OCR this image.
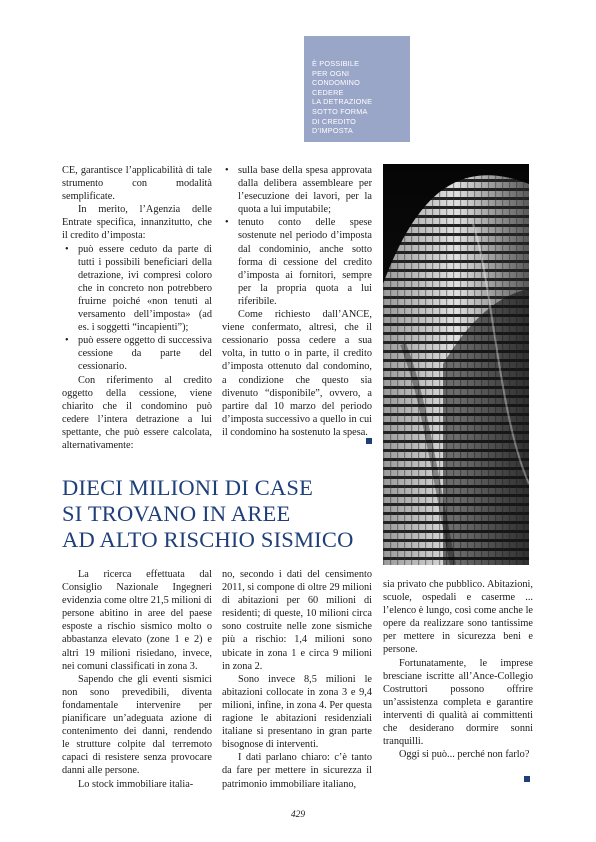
È POSSIBILE
PER OGNI
CONDOMINO
CEDERE
LA DETRAZIONE
SOTTO FORMA
DI CREDITO
D’IMPOSTA

CE, garantisce l’applicabilità di tale strumento con modalità semplificate.

In merito, l’Agenzia delle Entrate specifica, innanzitutto, che il credito d’imposta:

• può essere ceduto da parte di tutti i possibili beneficiari della detrazione, ivi compresi coloro che in concreto non potrebbero fruirne poiché «non tenuti al versamento dell’imposta» (ad es. i soggetti “incapienti”);
• può essere oggetto di successiva cessione da parte del cessionario.

Con riferimento al credito oggetto della cessione, viene chiarito che il condomino può cedere l’intera detrazione a lui spettante, che può essere calcolata, alternativamente:

• sulla base della spesa approvata dalla delibera assembleare per l’esecuzione dei lavori, per la quota a lui imputabile;
• tenuto conto delle spese sostenute nel periodo d’imposta dal condominio, anche sotto forma di cessione del credito d’imposta ai fornitori, sempre per la propria quota a lui riferibile.

Come richiesto dall’ANCE, viene confermato, altresì, che il cessionario possa cedere a sua volta, in tutto o in parte, il credito d’imposta ottenuto dal condomino, a condizione che questo sia divenuto “disponibile”, ovvero, a partire dal 10 marzo del periodo d’imposta successivo a quello in cui il condomino ha sostenuto la spesa.

DIECI MILIONI DI CASE
SI TROVANO IN AREE
AD ALTO RISCHIO SISMICO

La ricerca effettuata dal Consiglio Nazionale Ingegneri evidenzia come oltre 21,5 milioni di persone abitino in aree del paese esposte a rischio sismico molto o abbastanza elevato (zone 1 e 2) e altri 19 milioni risiedano, invece, nei comuni classificati in zona 3.

Sapendo che gli eventi sismici non sono prevedibili, diventa fondamentale intervenire per pianificare un’adeguata azione di contenimento dei danni, rendendo le strutture colpite dal terremoto capaci di resistere senza provocare danni alle persone.

Lo stock immobiliare italia-

no, secondo i dati del censimento 2011, si compone di oltre 29 milioni di abitazioni per 60 milioni di residenti; di queste, 10 milioni circa sono costruite nelle zone sismiche più a rischio: 1,4 milioni sono ubicate in zona 1 e circa 9 milioni in zona 2.

Sono invece 8,5 milioni le abitazioni collocate in zona 3 e 9,4 milioni, infine, in zona 4. Per questa ragione le abitazioni residenziali italiane si presentano in gran parte bisognose di interventi.

I dati parlano chiaro: c’è tanto da fare per mettere in sicurezza il patrimonio immobiliare italiano,

sia privato che pubblico. Abitazioni, scuole, ospedali e caserme ... l’elenco è lungo, così come anche le opere da realizzare sono tantissime per mettere in sicurezza beni e persone.

Fortunatamente, le imprese bresciane iscritte all’Ance-Collegio Costruttori possono offrire un’assistenza completa e garantire interventi di qualità ai committenti che desiderano dormire sonni tranquilli.

Oggi si può... perché non farlo?

429
